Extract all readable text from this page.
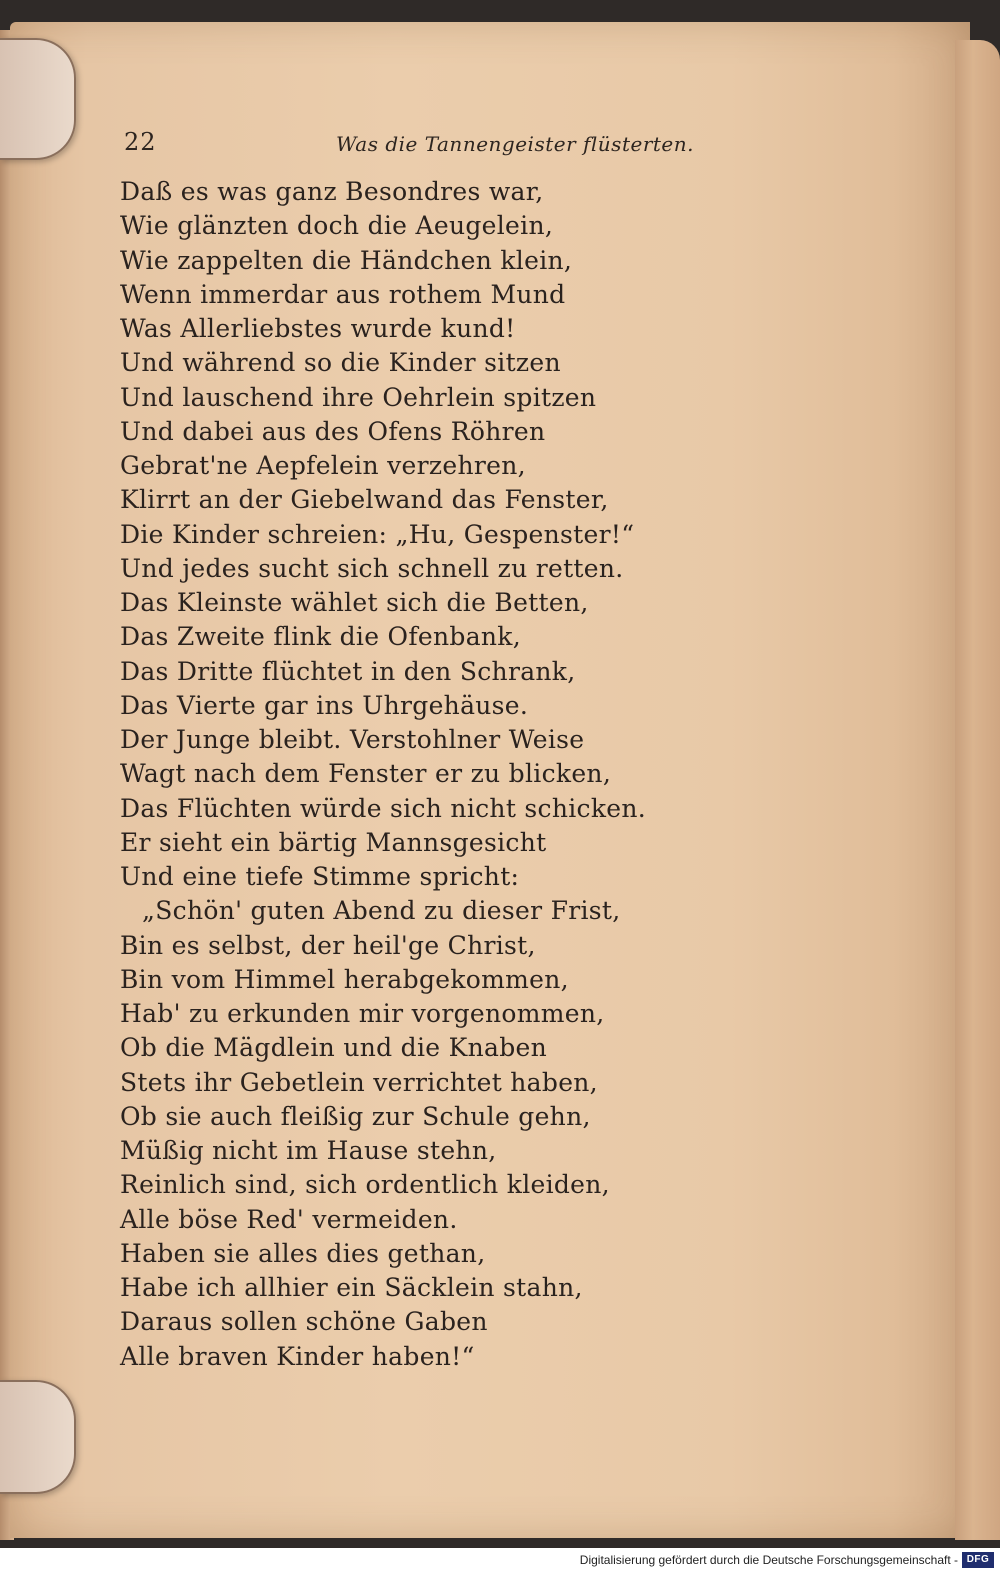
22	Was die Tannengeister flüsterten.
Daß es was ganz Besondres war,
Wie glänzten doch die Aeugelein,
Wie zappelten die Händchen klein,
Wenn immerdar aus rothem Mund
Was Allerliebstes wurde kund!
Und während so die Kinder sitzen
Und lauschend ihre Oehrlein spitzen
Und dabei aus des Ofens Röhren
Gebrat'ne Aepfelein verzehren,
Klirrt an der Giebelwand das Fenster,
Die Kinder schreien: „Hu, Gespenster!“
Und jedes sucht sich schnell zu retten.
Das Kleinste wählet sich die Betten,
Das Zweite flink die Ofenbank,
Das Dritte flüchtet in den Schrank,
Das Vierte gar ins Uhrgehäuse.
Der Junge bleibt. Verstohlner Weise
Wagt nach dem Fenster er zu blicken,
Das Flüchten würde sich nicht schicken.
Er sieht ein bärtig Mannsgesicht
Und eine tiefe Stimme spricht:
„Schön' guten Abend zu dieser Frist,
Bin es selbst, der heil'ge Christ,
Bin vom Himmel herabgekommen,
Hab' zu erkunden mir vorgenommen,
Ob die Mägdlein und die Knaben
Stets ihr Gebetlein verrichtet haben,
Ob sie auch fleißig zur Schule gehn,
Müßig nicht im Hause stehn,
Reinlich sind, sich ordentlich kleiden,
Alle böse Red' vermeiden.
Haben sie alles dies gethan,
Habe ich allhier ein Säcklein stahn,
Daraus sollen schöne Gaben
Alle braven Kinder haben!“
Digitalisierung gefördert durch die Deutsche Forschungsgemeinschaft - DFG
